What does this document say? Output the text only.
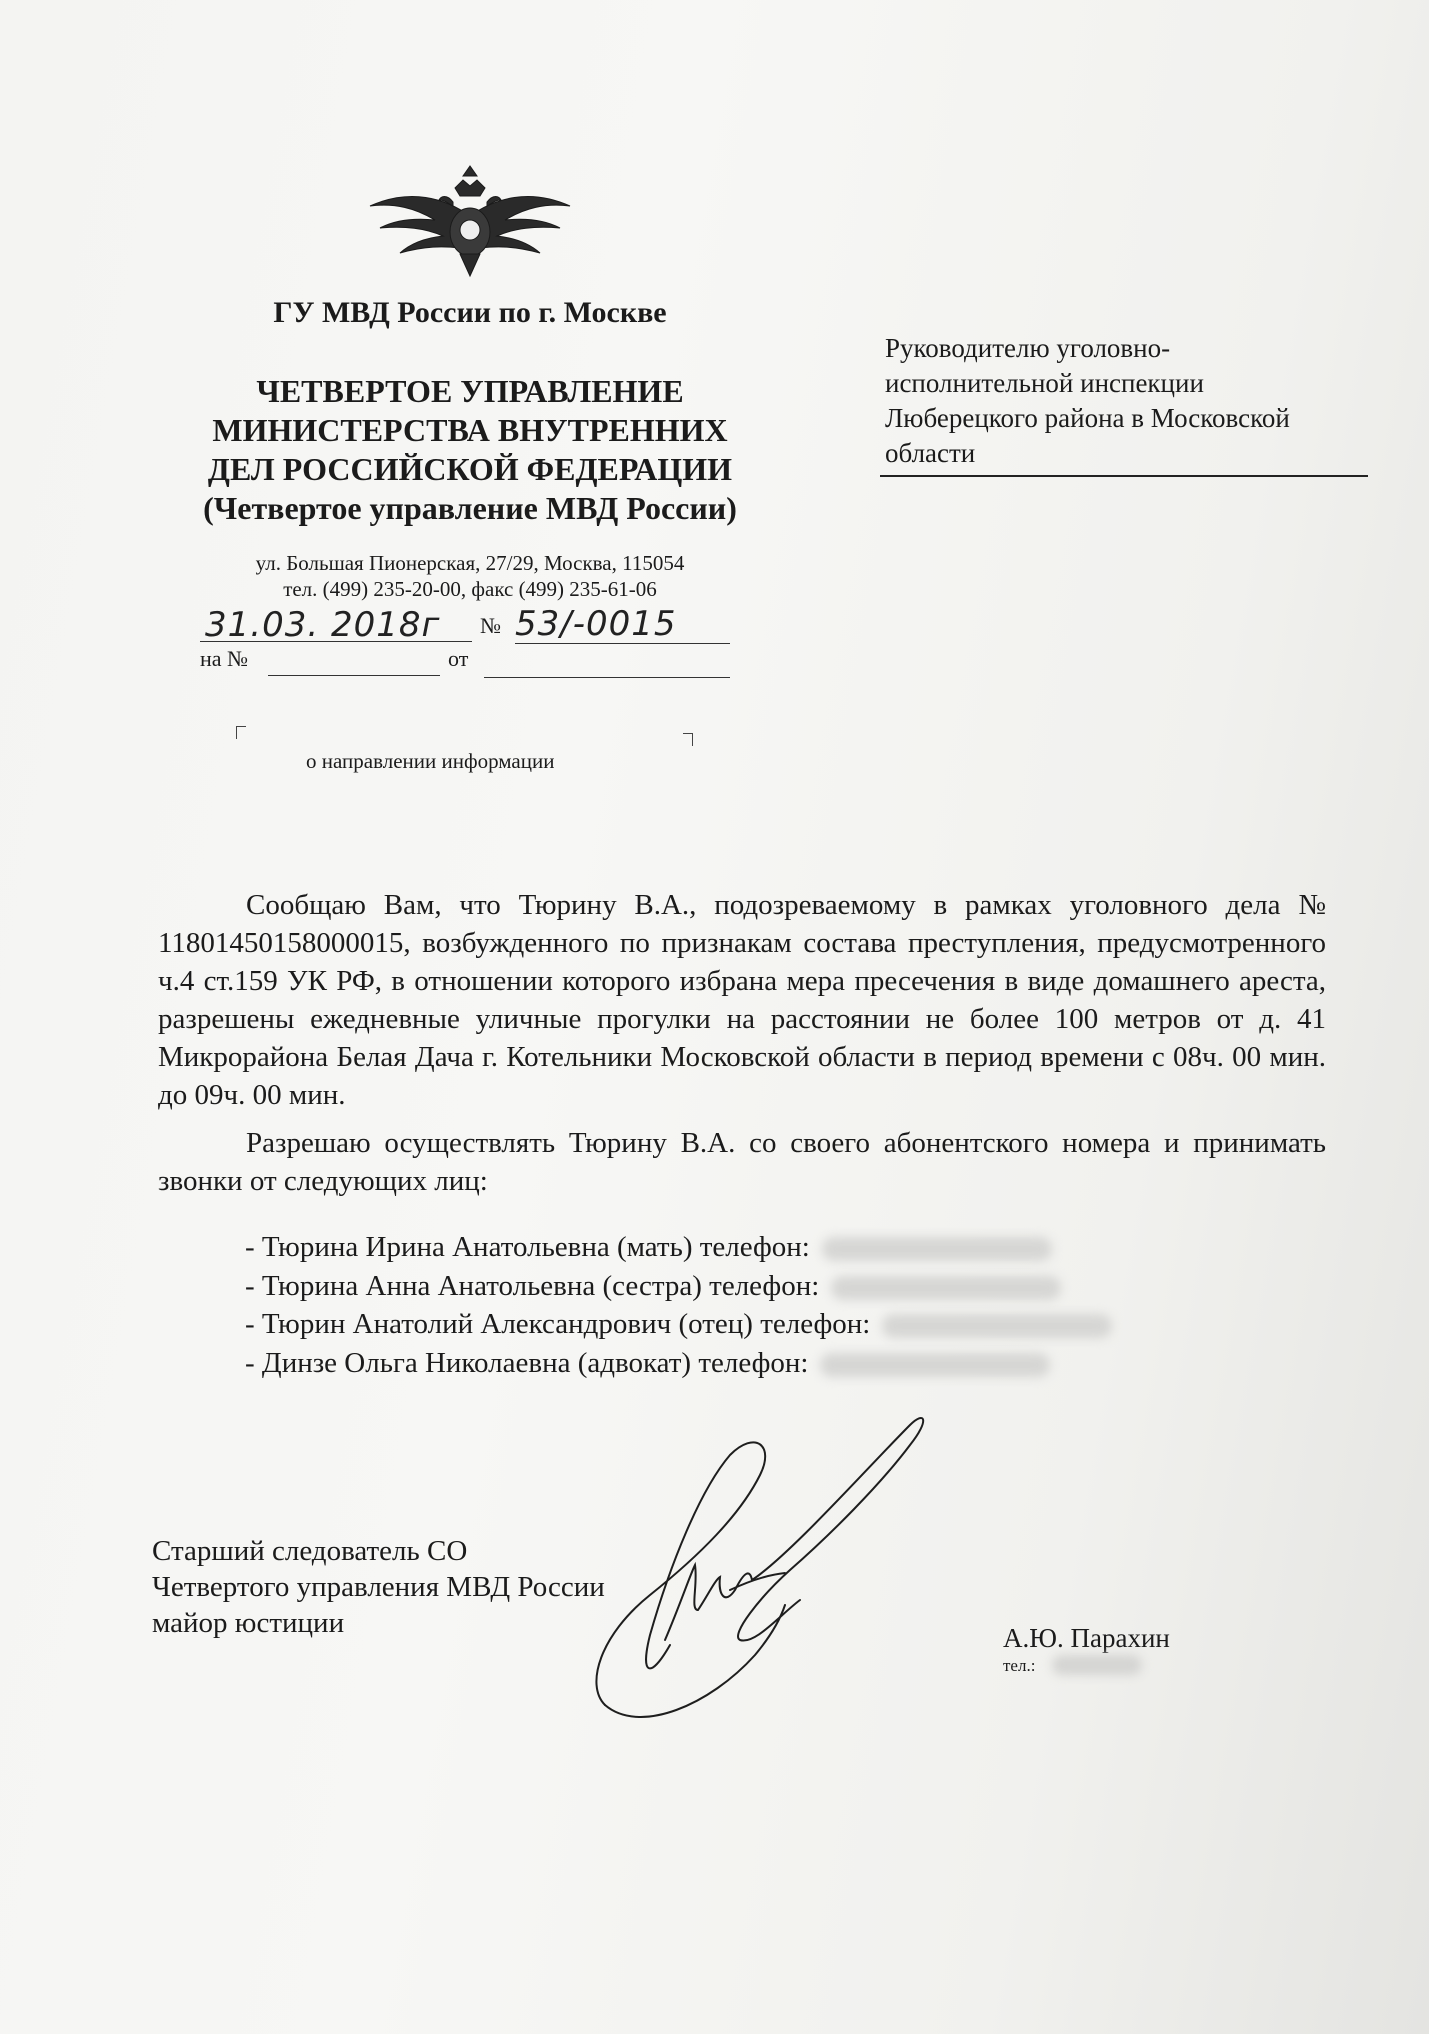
ГУ МВД России по г. Москве
ЧЕТВЕРТОЕ УПРАВЛЕНИЕ
МИНИСТЕРСТВА ВНУТРЕННИХ
ДЕЛ РОССИЙСКОЙ ФЕДЕРАЦИИ
(Четвертое управление МВД России)
ул. Большая Пионерская, 27/29, Москва, 115054
тел. (499) 235-20-00, факс (499) 235-61-06
31.03. 2018г № 53/-0015
на №	от
о направлении информации
Руководителю уголовно-
исполнительной инспекции
Люберецкого района в Московской
области

Сообщаю Вам, что Тюрину В.А., подозреваемому в рамках уголовного дела № 11801450158000015, возбужденного по признакам состава преступления, предусмотренного ч.4 ст.159 УК РФ, в отношении которого избрана мера пресечения в виде домашнего ареста, разрешены ежедневные уличные прогулки на расстоянии не более 100 метров от д. 41 Микрорайона Белая Дача г. Котельники Московской области в период времени с 08ч. 00 мин. до 09ч. 00 мин.

Разрешаю осуществлять Тюрину В.А. со своего абонентского номера и принимать звонки от следующих лиц:

- Тюрина Ирина Анатольевна (мать) телефон:
- Тюрина Анна Анатольевна (сестра) телефон:
- Тюрин Анатолий Александрович (отец) телефон:
- Динзе Ольга Николаевна (адвокат) телефон:
Старший следователь СО
Четвертого управления МВД России
майор юстиции	А.Ю. Парахин
тел.:
